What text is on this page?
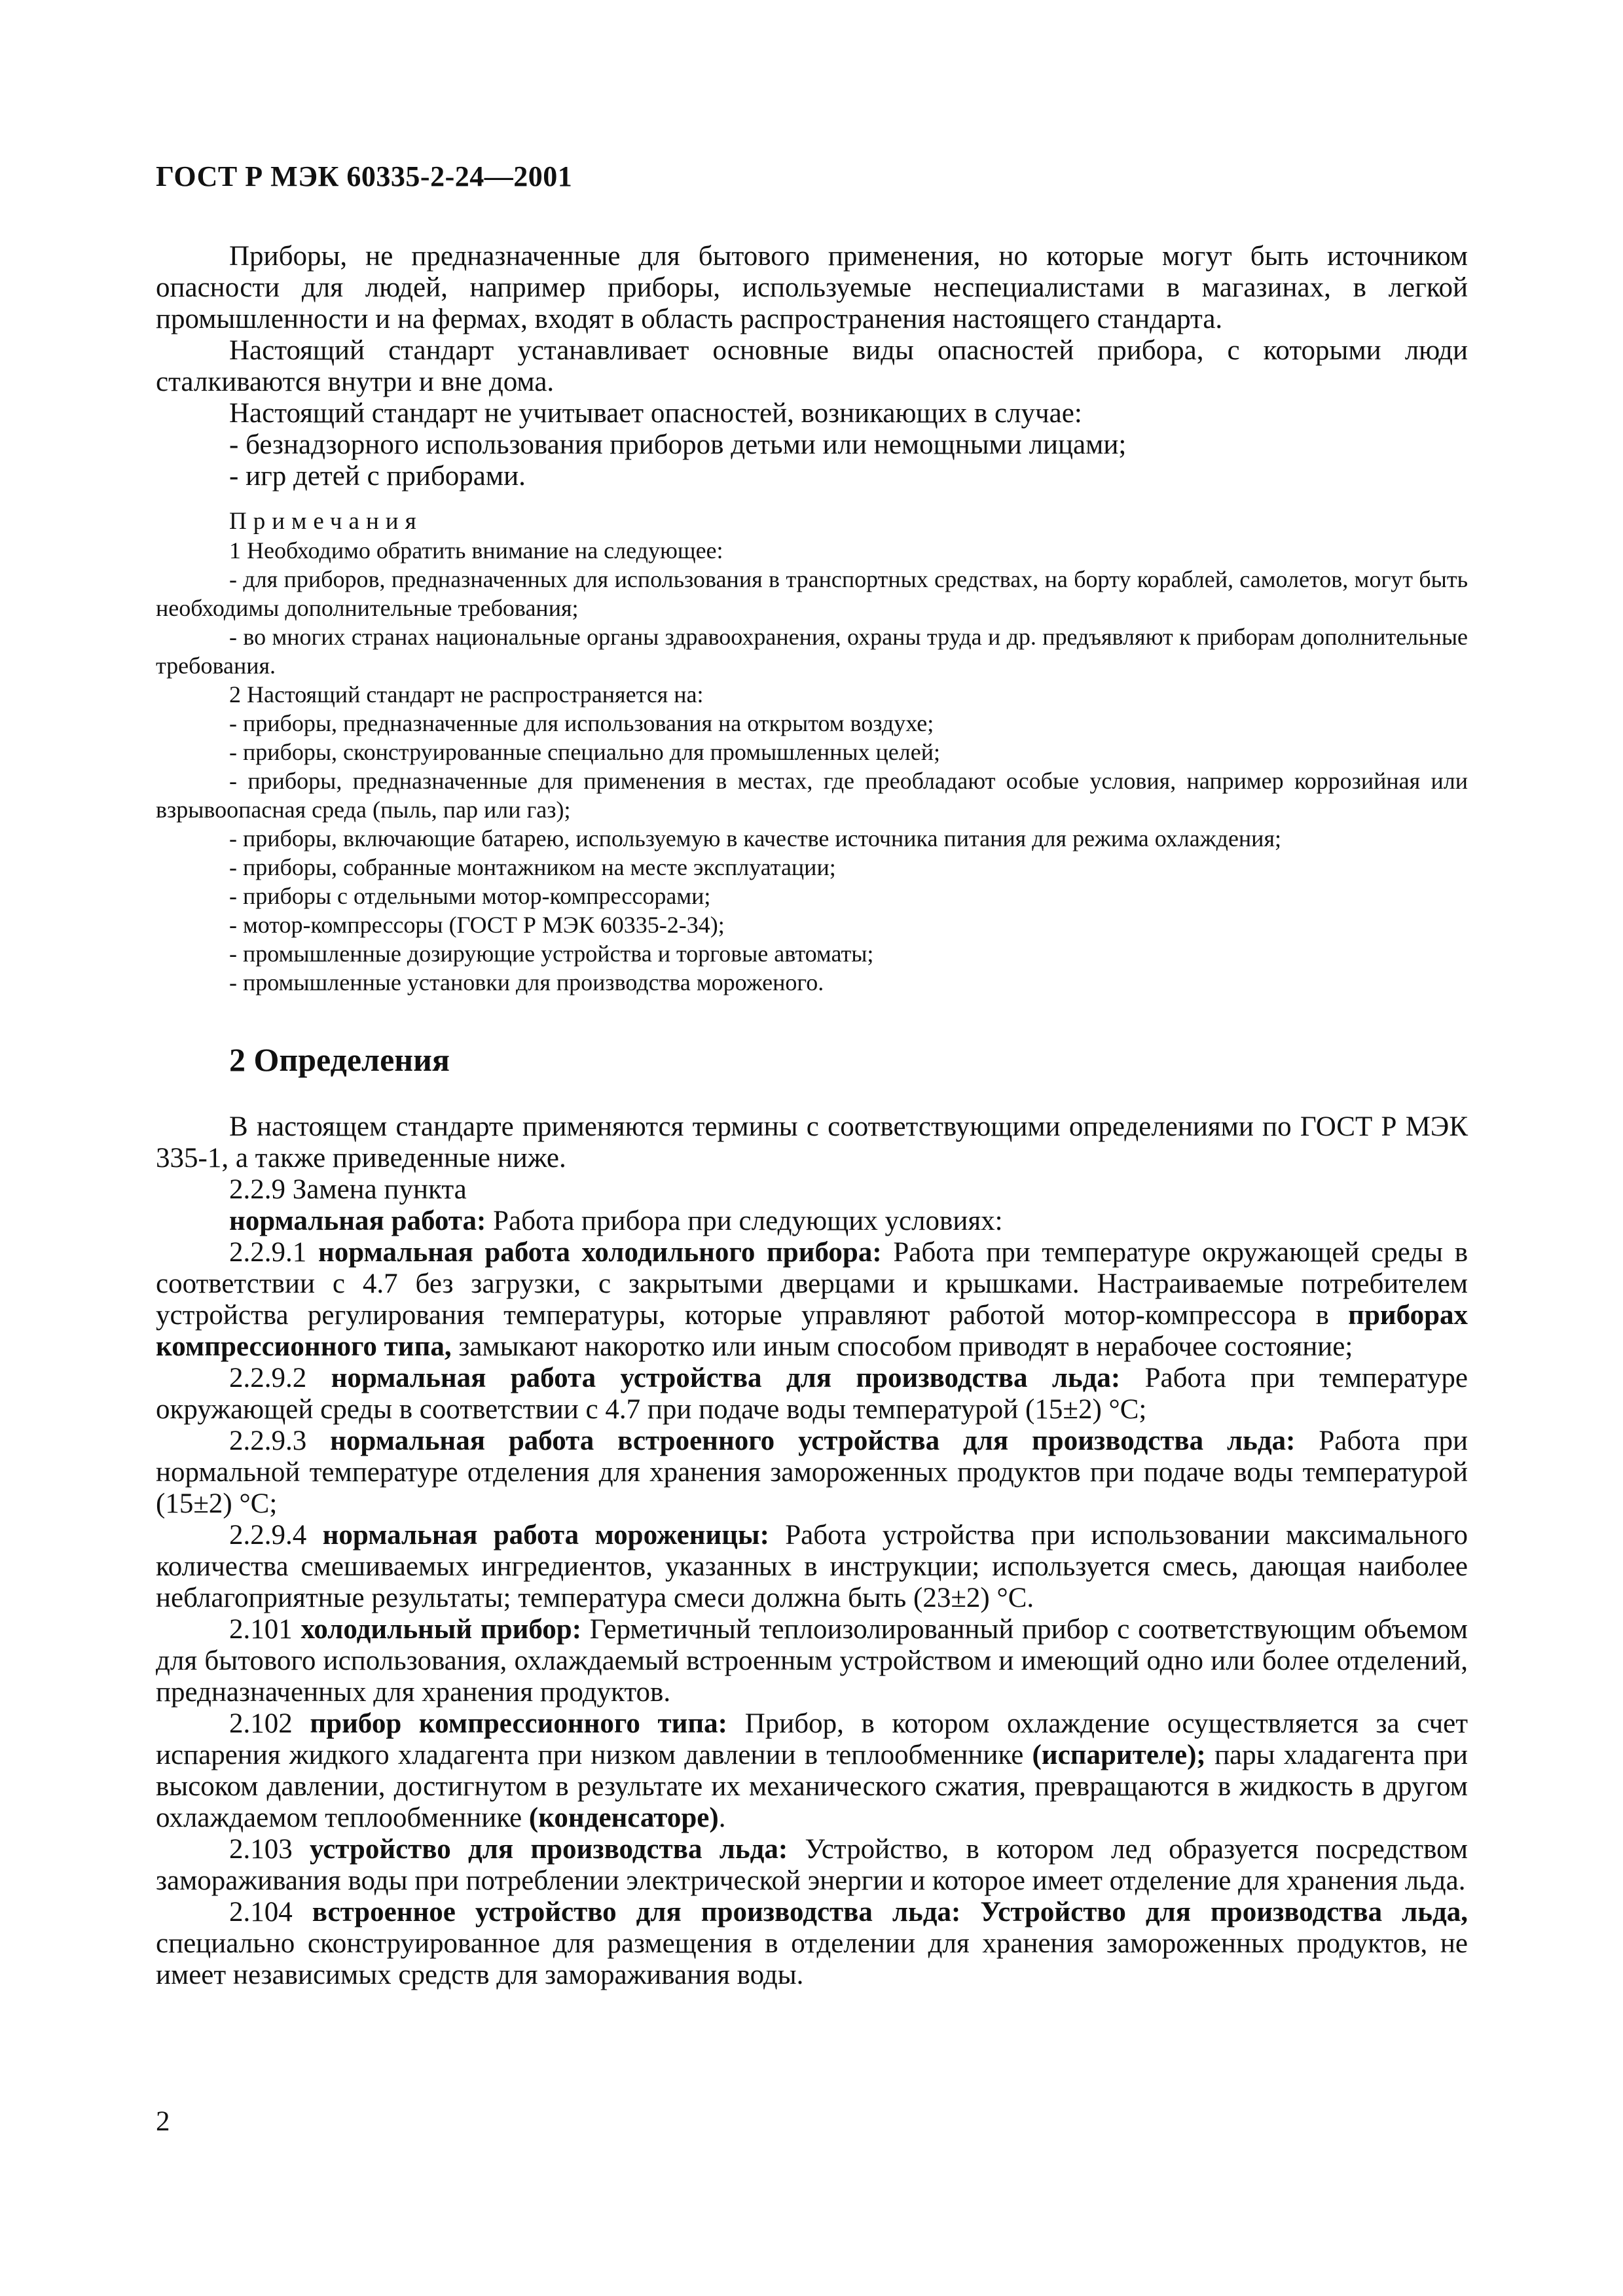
ГОСТ Р МЭК 60335-2-24—2001

Приборы, не предназначенные для бытового применения, но которые могут быть источником опасности для людей, например приборы, используемые неспециалистами в магазинах, в легкой промышленности и на фермах, входят в область распространения настоящего стандарта.

Настоящий стандарт устанавливает основные виды опасностей прибора, с которыми люди сталкиваются внутри и вне дома.

Настоящий стандарт не учитывает опасностей, возникающих в случае:

- безнадзорного использования приборов детьми или немощными лицами;

- игр детей с приборами.

Примечания

1 Необходимо обратить внимание на следующее:

- для приборов, предназначенных для использования в транспортных средствах, на борту кораблей, самолетов, могут быть необходимы дополнительные требования;

- во многих странах национальные органы здравоохранения, охраны труда и др. предъявляют к приборам дополнительные требования.

2 Настоящий стандарт не распространяется на:

- приборы, предназначенные для использования на открытом воздухе;

- приборы, сконструированные специально для промышленных целей;

- приборы, предназначенные для применения в местах, где преобладают особые условия, например коррозийная или взрывоопасная среда (пыль, пар или газ);

- приборы, включающие батарею, используемую в качестве источника питания для режима охлаждения;

- приборы, собранные монтажником на месте эксплуатации;

- приборы с отдельными мотор-компрессорами;

- мотор-компрессоры (ГОСТ Р МЭК 60335-2-34);

- промышленные дозирующие устройства и торговые автоматы;

- промышленные установки для производства мороженого.

2 Определения

В настоящем стандарте применяются термины с соответствующими определениями по ГОСТ Р МЭК 335-1, а также приведенные ниже.

2.2.9 Замена пункта

нормальная работа: Работа прибора при следующих условиях:

2.2.9.1 нормальная работа холодильного прибора: Работа при температуре окружающей среды в соответствии с 4.7 без загрузки, с закрытыми дверцами и крышками. Настраиваемые потребителем устройства регулирования температуры, которые управляют работой мотор-компрессора в приборах компрессионного типа, замыкают накоротко или иным способом приводят в нерабочее состояние;

2.2.9.2 нормальная работа устройства для производства льда: Работа при температуре окружающей среды в соответствии с 4.7 при подаче воды температурой (15±2) °С;

2.2.9.3 нормальная работа встроенного устройства для производства льда: Работа при нормальной температуре отделения для хранения замороженных продуктов при подаче воды температурой (15±2) °С;

2.2.9.4 нормальная работа мороженицы: Работа устройства при использовании максимального количества смешиваемых ингредиентов, указанных в инструкции; используется смесь, дающая наиболее неблагоприятные результаты; температура смеси должна быть (23±2) °С.

2.101 холодильный прибор: Герметичный теплоизолированный прибор с соответствующим объемом для бытового использования, охлаждаемый встроенным устройством и имеющий одно или более отделений, предназначенных для хранения продуктов.

2.102 прибор компрессионного типа: Прибор, в котором охлаждение осуществляется за счет испарения жидкого хладагента при низком давлении в теплообменнике (испарителе); пары хладагента при высоком давлении, достигнутом в результате их механического сжатия, превращаются в жидкость в другом охлаждаемом теплообменнике (конденсаторе).

2.103 устройство для производства льда: Устройство, в котором лед образуется посредством замораживания воды при потреблении электрической энергии и которое имеет отделение для хранения льда.

2.104 встроенное устройство для производства льда: Устройство для производства льда, специально сконструированное для размещения в отделении для хранения замороженных продуктов, не имеет независимых средств для замораживания воды.

2
